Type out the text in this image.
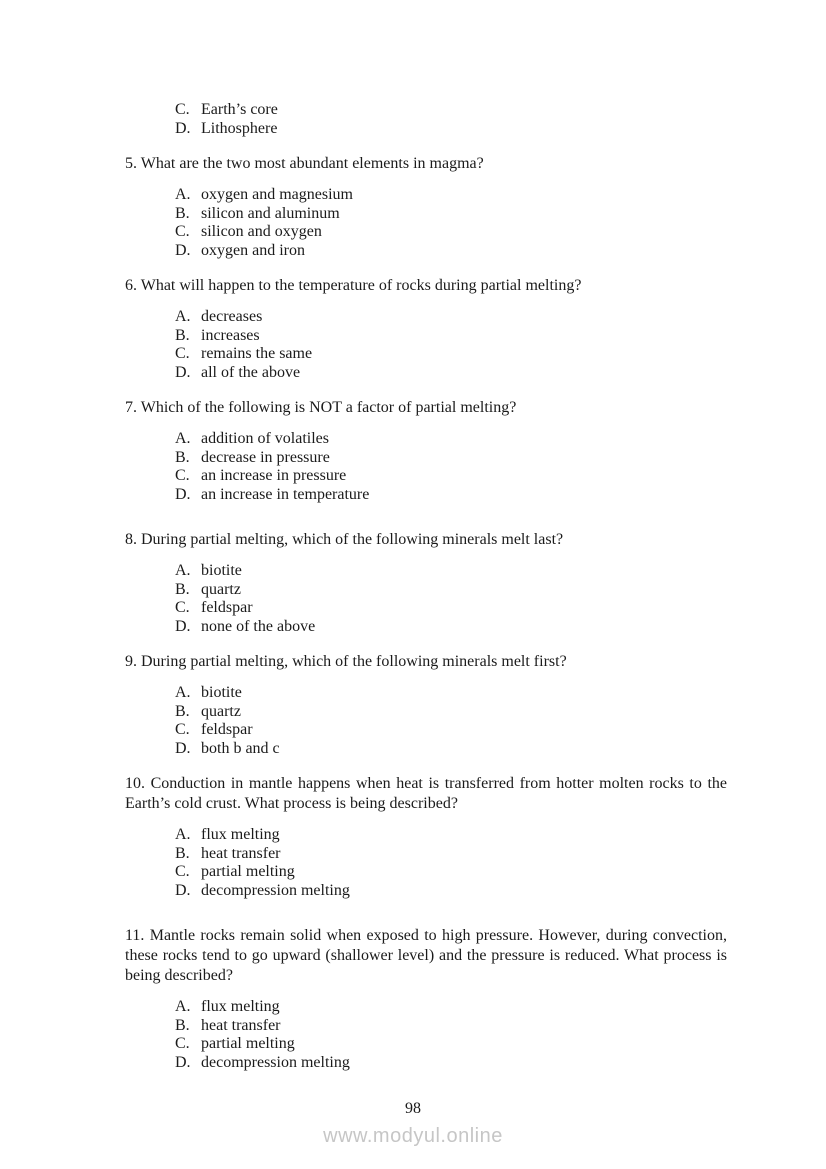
C. Earth’s core
D. Lithosphere

5. What are the two most abundant elements in magma?

A. oxygen and magnesium
B. silicon and aluminum
C. silicon and oxygen
D. oxygen and iron

6. What will happen to the temperature of rocks during partial melting?

A. decreases
B. increases
C. remains the same
D. all of the above

7. Which of the following is NOT a factor of partial melting?

A. addition of volatiles
B. decrease in pressure
C. an increase in pressure
D. an increase in temperature

8. During partial melting, which of the following minerals melt last?

A. biotite
B. quartz
C. feldspar
D. none of the above

9. During partial melting, which of the following minerals melt first?

A. biotite
B. quartz
C. feldspar
D. both b and c

10. Conduction in mantle happens when heat is transferred from hotter molten rocks to the Earth’s cold crust. What process is being described?

A. flux melting
B. heat transfer
C. partial melting
D. decompression melting

11. Mantle rocks remain solid when exposed to high pressure. However, during convection, these rocks tend to go upward (shallower level) and the pressure is reduced. What process is being described?

A. flux melting
B. heat transfer
C. partial melting
D. decompression melting
98
www.modyul.online
